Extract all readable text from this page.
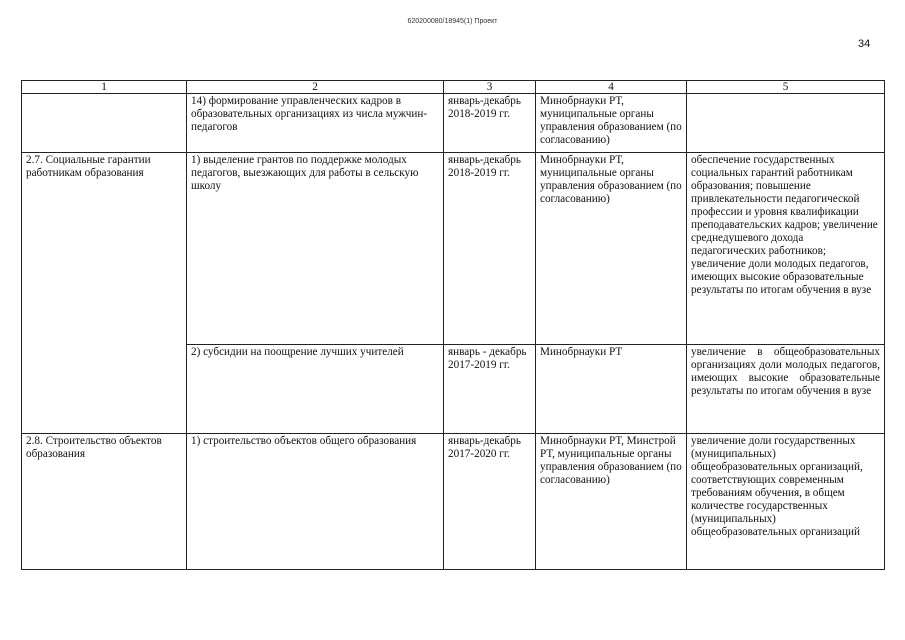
620200080/18945(1) Проект
34
1	2	3	4	5
	14) формирование управленческих кадров в образовательных организациях из числа мужчин-педагогов	январь-декабрь 2018-2019 гг.	Минобрнауки РТ, муниципальные органы управления образованием (по согласованию)	
2.7. Социальные гарантии работникам образования	1) выделение грантов по поддержке молодых педагогов, выезжающих для работы в сельскую школу	январь-декабрь 2018-2019 гг.	Минобрнауки РТ, муниципальные органы управления образованием (по согласованию)	обеспечение государственных социальных гарантий работникам образования; повышение привлекательности педагогической профессии и уровня квалификации преподавательских кадров; увеличение среднедушевого дохода педагогических работников; увеличение доли молодых педагогов, имеющих высокие образовательные результаты по итогам обучения в вузе
	2) субсидии на поощрение лучших учителей	январь - декабрь 2017-2019 гг.	Минобрнауки РТ	увеличение в общеобразовательных организациях доли молодых педагогов, имеющих высокие образовательные результаты по итогам обучения в вузе
2.8. Строительство объектов образования	1) строительство объектов общего образования	январь-декабрь 2017-2020 гг.	Минобрнауки РТ, Минстрой РТ, муниципальные органы управления образованием (по согласованию)	увеличение доли государственных (муниципальных) общеобразовательных организаций, соответствующих современным требованиям обучения, в общем количестве государственных (муниципальных) общеобразовательных организаций
